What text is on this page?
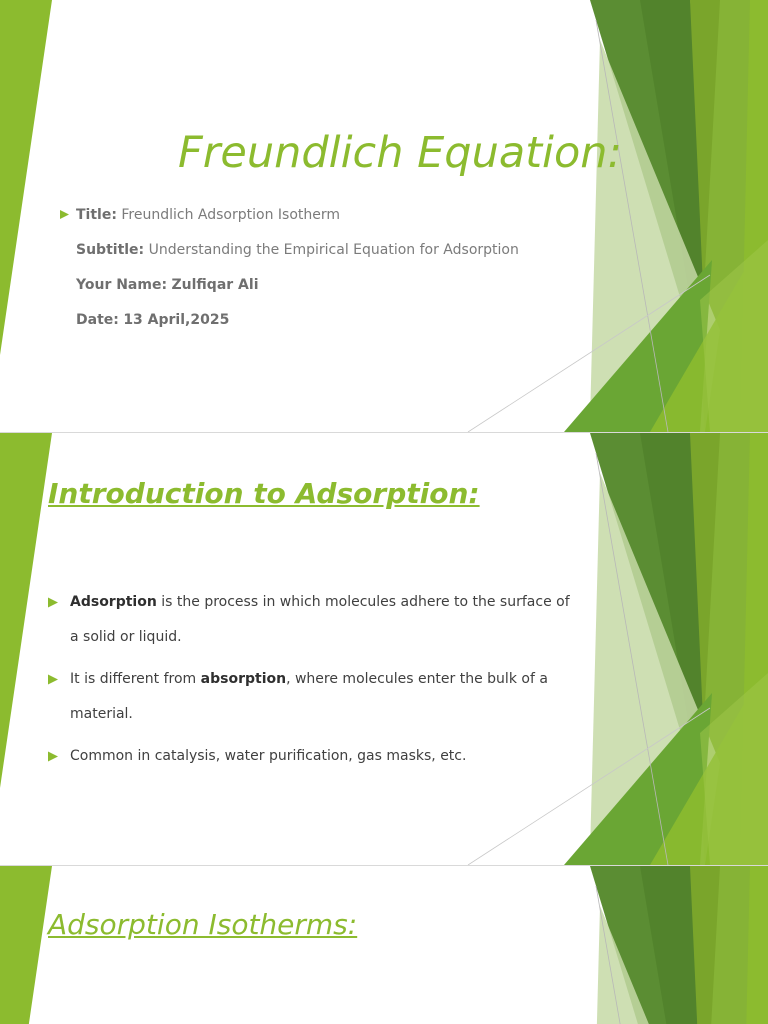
Freundlich Equation:
Title: Freundlich Adsorption Isotherm
Subtitle: Understanding the Empirical Equation for Adsorption
Your Name: Zulfiqar Ali
Date: 13 April,2025
Introduction to Adsorption:
Adsorption is the process in which molecules adhere to the surface of a solid or liquid.
It is different from absorption, where molecules enter the bulk of a material.
Common in catalysis, water purification, gas masks, etc.
Adsorption Isotherms:
